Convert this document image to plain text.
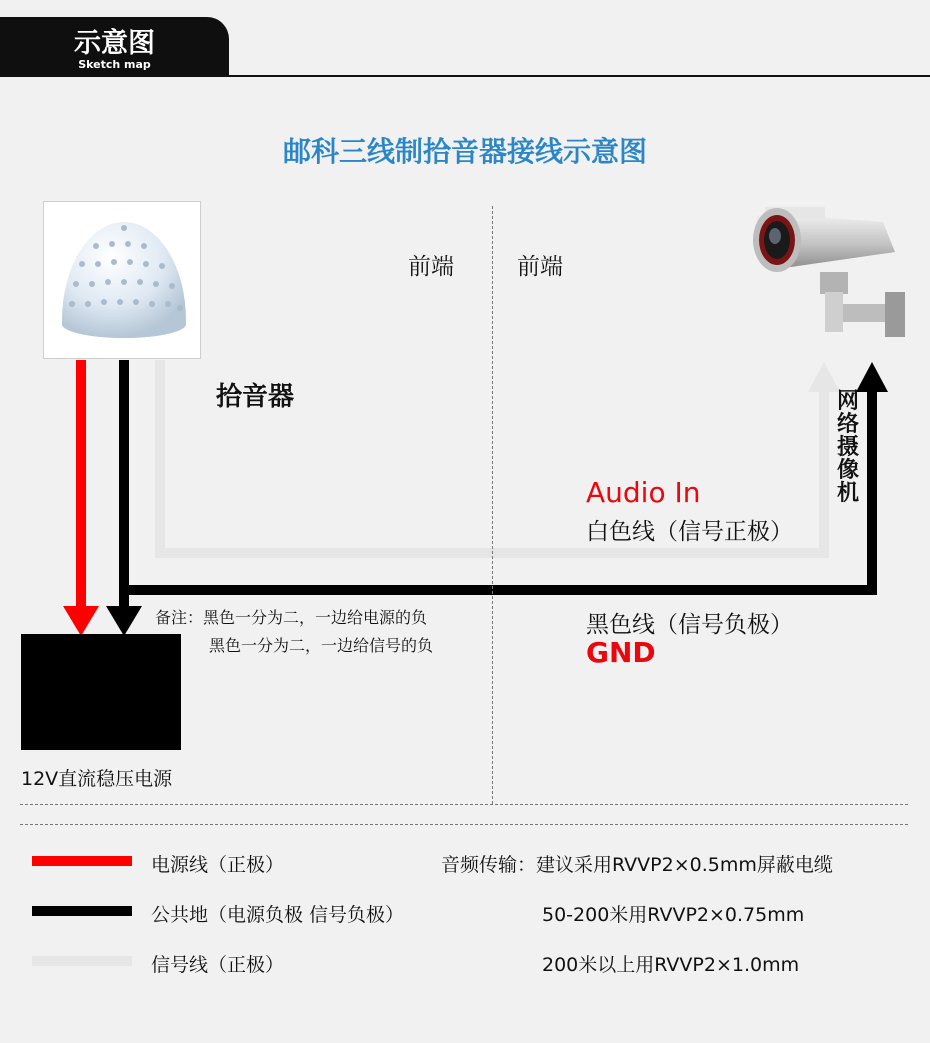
示意图
Sketch map
邮科三线制拾音器接线示意图
拾音器
前端	前端
网络摄像机
Audio In
白色线（信号正极）
黑色线（信号负极）
GND
备注：黑色一分为二，一边给电源的负
黑色一分为二，一边给信号的负
12V直流稳压电源
电源线（正极）
公共地（电源负极 信号负极）
信号线（正极）
音频传输：建议采用RVVP2×0.5mm屏蔽电缆
50-200米用RVVP2×0.75mm
200米以上用RVVP2×1.0mm
